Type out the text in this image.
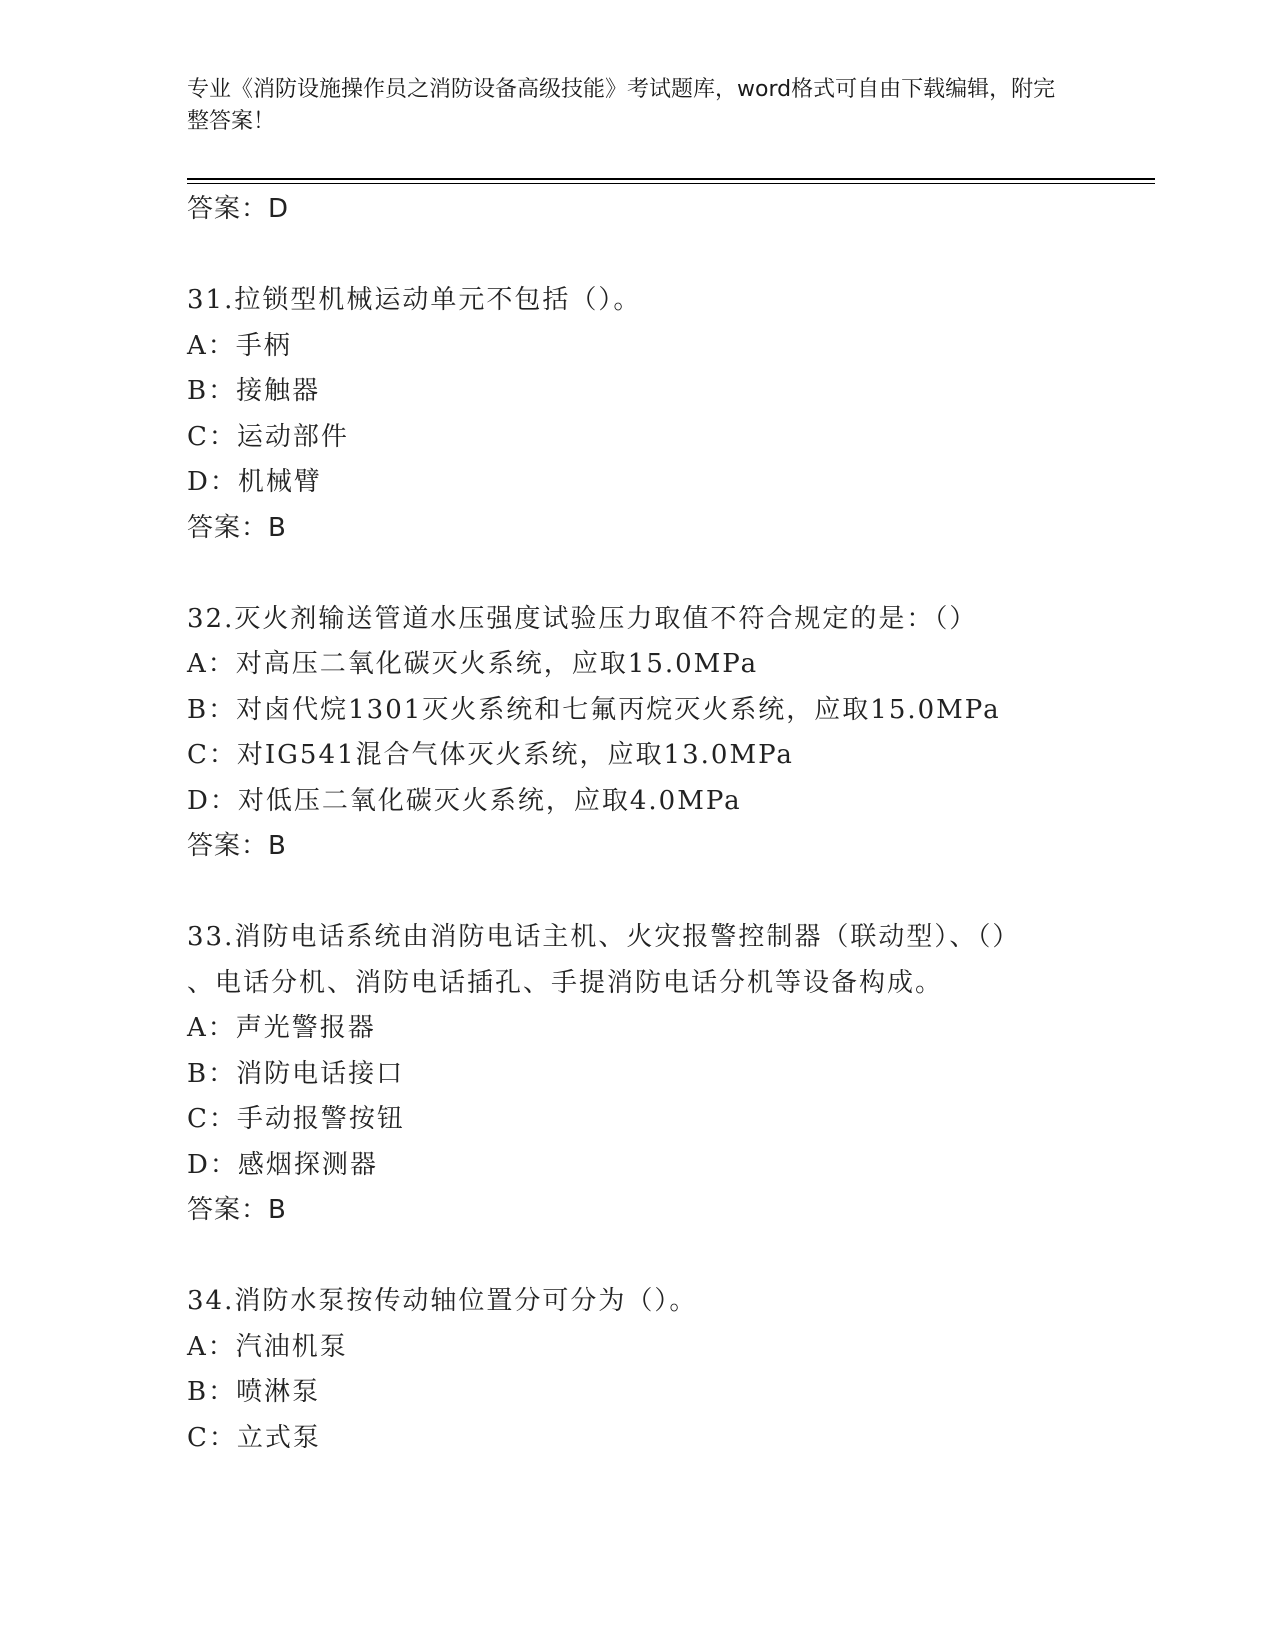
专业《消防设施操作员之消防设备高级技能》考试题库，word格式可自由下载编辑，附完整答案！
答案：D
31.拉锁型机械运动单元不包括（）。
A：手柄
B：接触器
C：运动部件
D：机械臂
答案：B
32.灭火剂输送管道水压强度试验压力取值不符合规定的是：（）
A：对高压二氧化碳灭火系统，应取15.0MPa
B：对卤代烷1301灭火系统和七氟丙烷灭火系统，应取15.0MPa
C：对IG541混合气体灭火系统，应取13.0MPa
D：对低压二氧化碳灭火系统，应取4.0MPa
答案：B
33.消防电话系统由消防电话主机、火灾报警控制器（联动型）、（）
、电话分机、消防电话插孔、手提消防电话分机等设备构成。
A：声光警报器
B：消防电话接口
C：手动报警按钮
D：感烟探测器
答案：B
34.消防水泵按传动轴位置分可分为（）。
A：汽油机泵
B：喷淋泵
C：立式泵
